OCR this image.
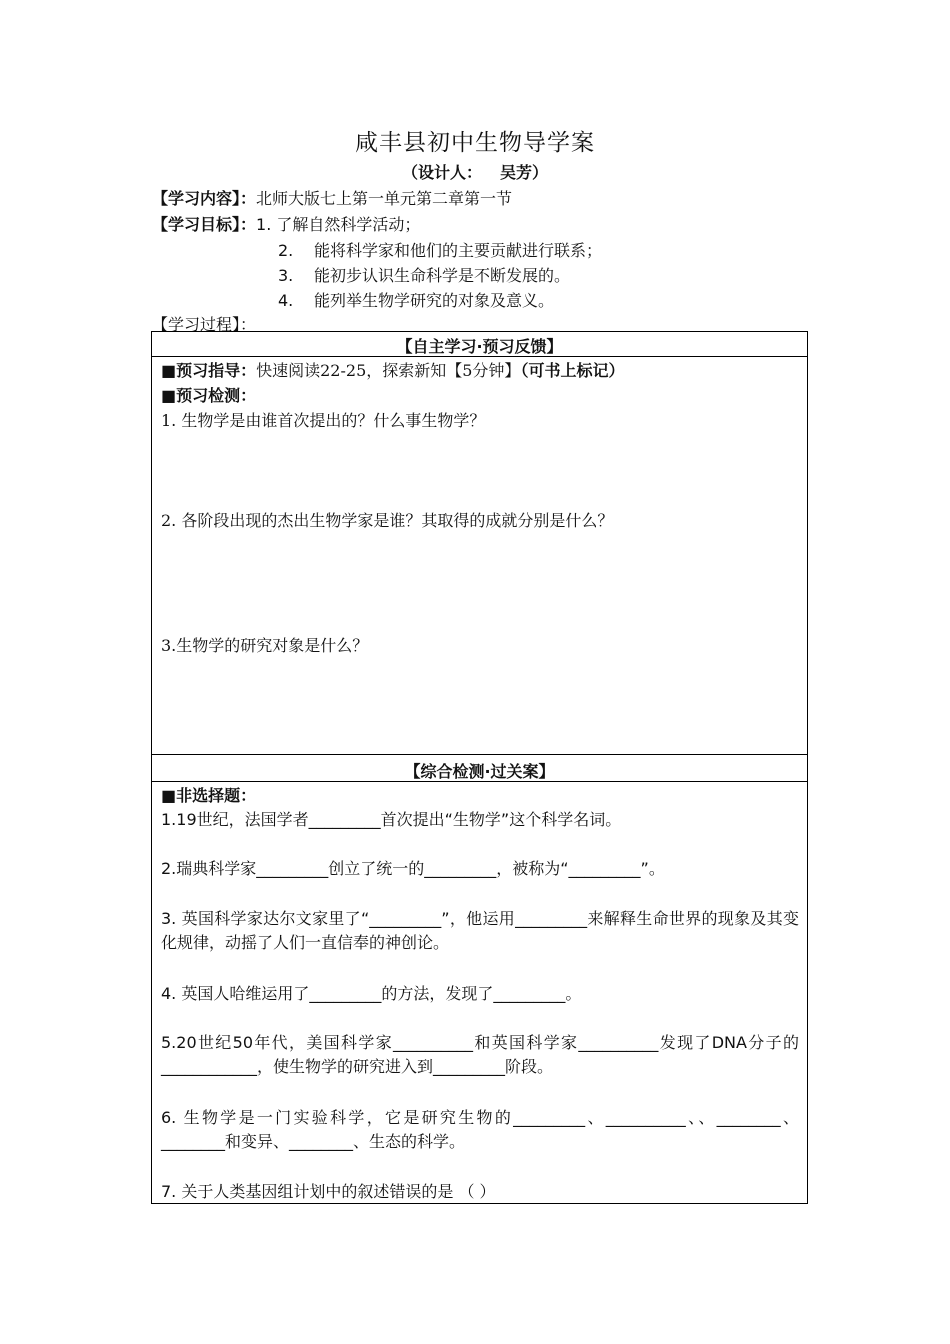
咸丰县初中生物导学案
（设计人： 吴芳）
【学习内容】：北师大版七上第一单元第二章第一节
【学习目标】：1. 了解自然科学活动；
2. 能将科学家和他们的主要贡献进行联系；
3. 能初步认识生命科学是不断发展的。
4. 能列举生物学研究的对象及意义。
【学习过程】：
【自主学习·预习反馈】
■预习指导：快速阅读22-25，探索新知【5分钟】（可书上标记）
■预习检测：
1. 生物学是由谁首次提出的？什么事生物学？
2. 各阶段出现的杰出生物学家是谁？其取得的成就分别是什么？
3.生物学的研究对象是什么？
【综合检测·过关案】
■非选择题：
1.19世纪，法国学者_________首次提出“生物学”这个科学名词。
2.瑞典科学家_________创立了统一的_________，被称为“_________”。
3. 英国科学家达尔文家里了“_________”，他运用_________来解释生命世界的现象及其变化规律，动摇了人们一直信奉的神创论。
4. 英国人哈维运用了_________的方法，发现了_________。
5.20世纪50年代，美国科学家__________和英国科学家__________发现了DNA分子的____________，使生物学的研究进入到_________阶段。
6. 生物学是一门实验科学，它是研究生物的_________、__________、、________、________和变异、________、生态的科学。
7. 关于人类基因组计划中的叙述错误的是 （ ）
